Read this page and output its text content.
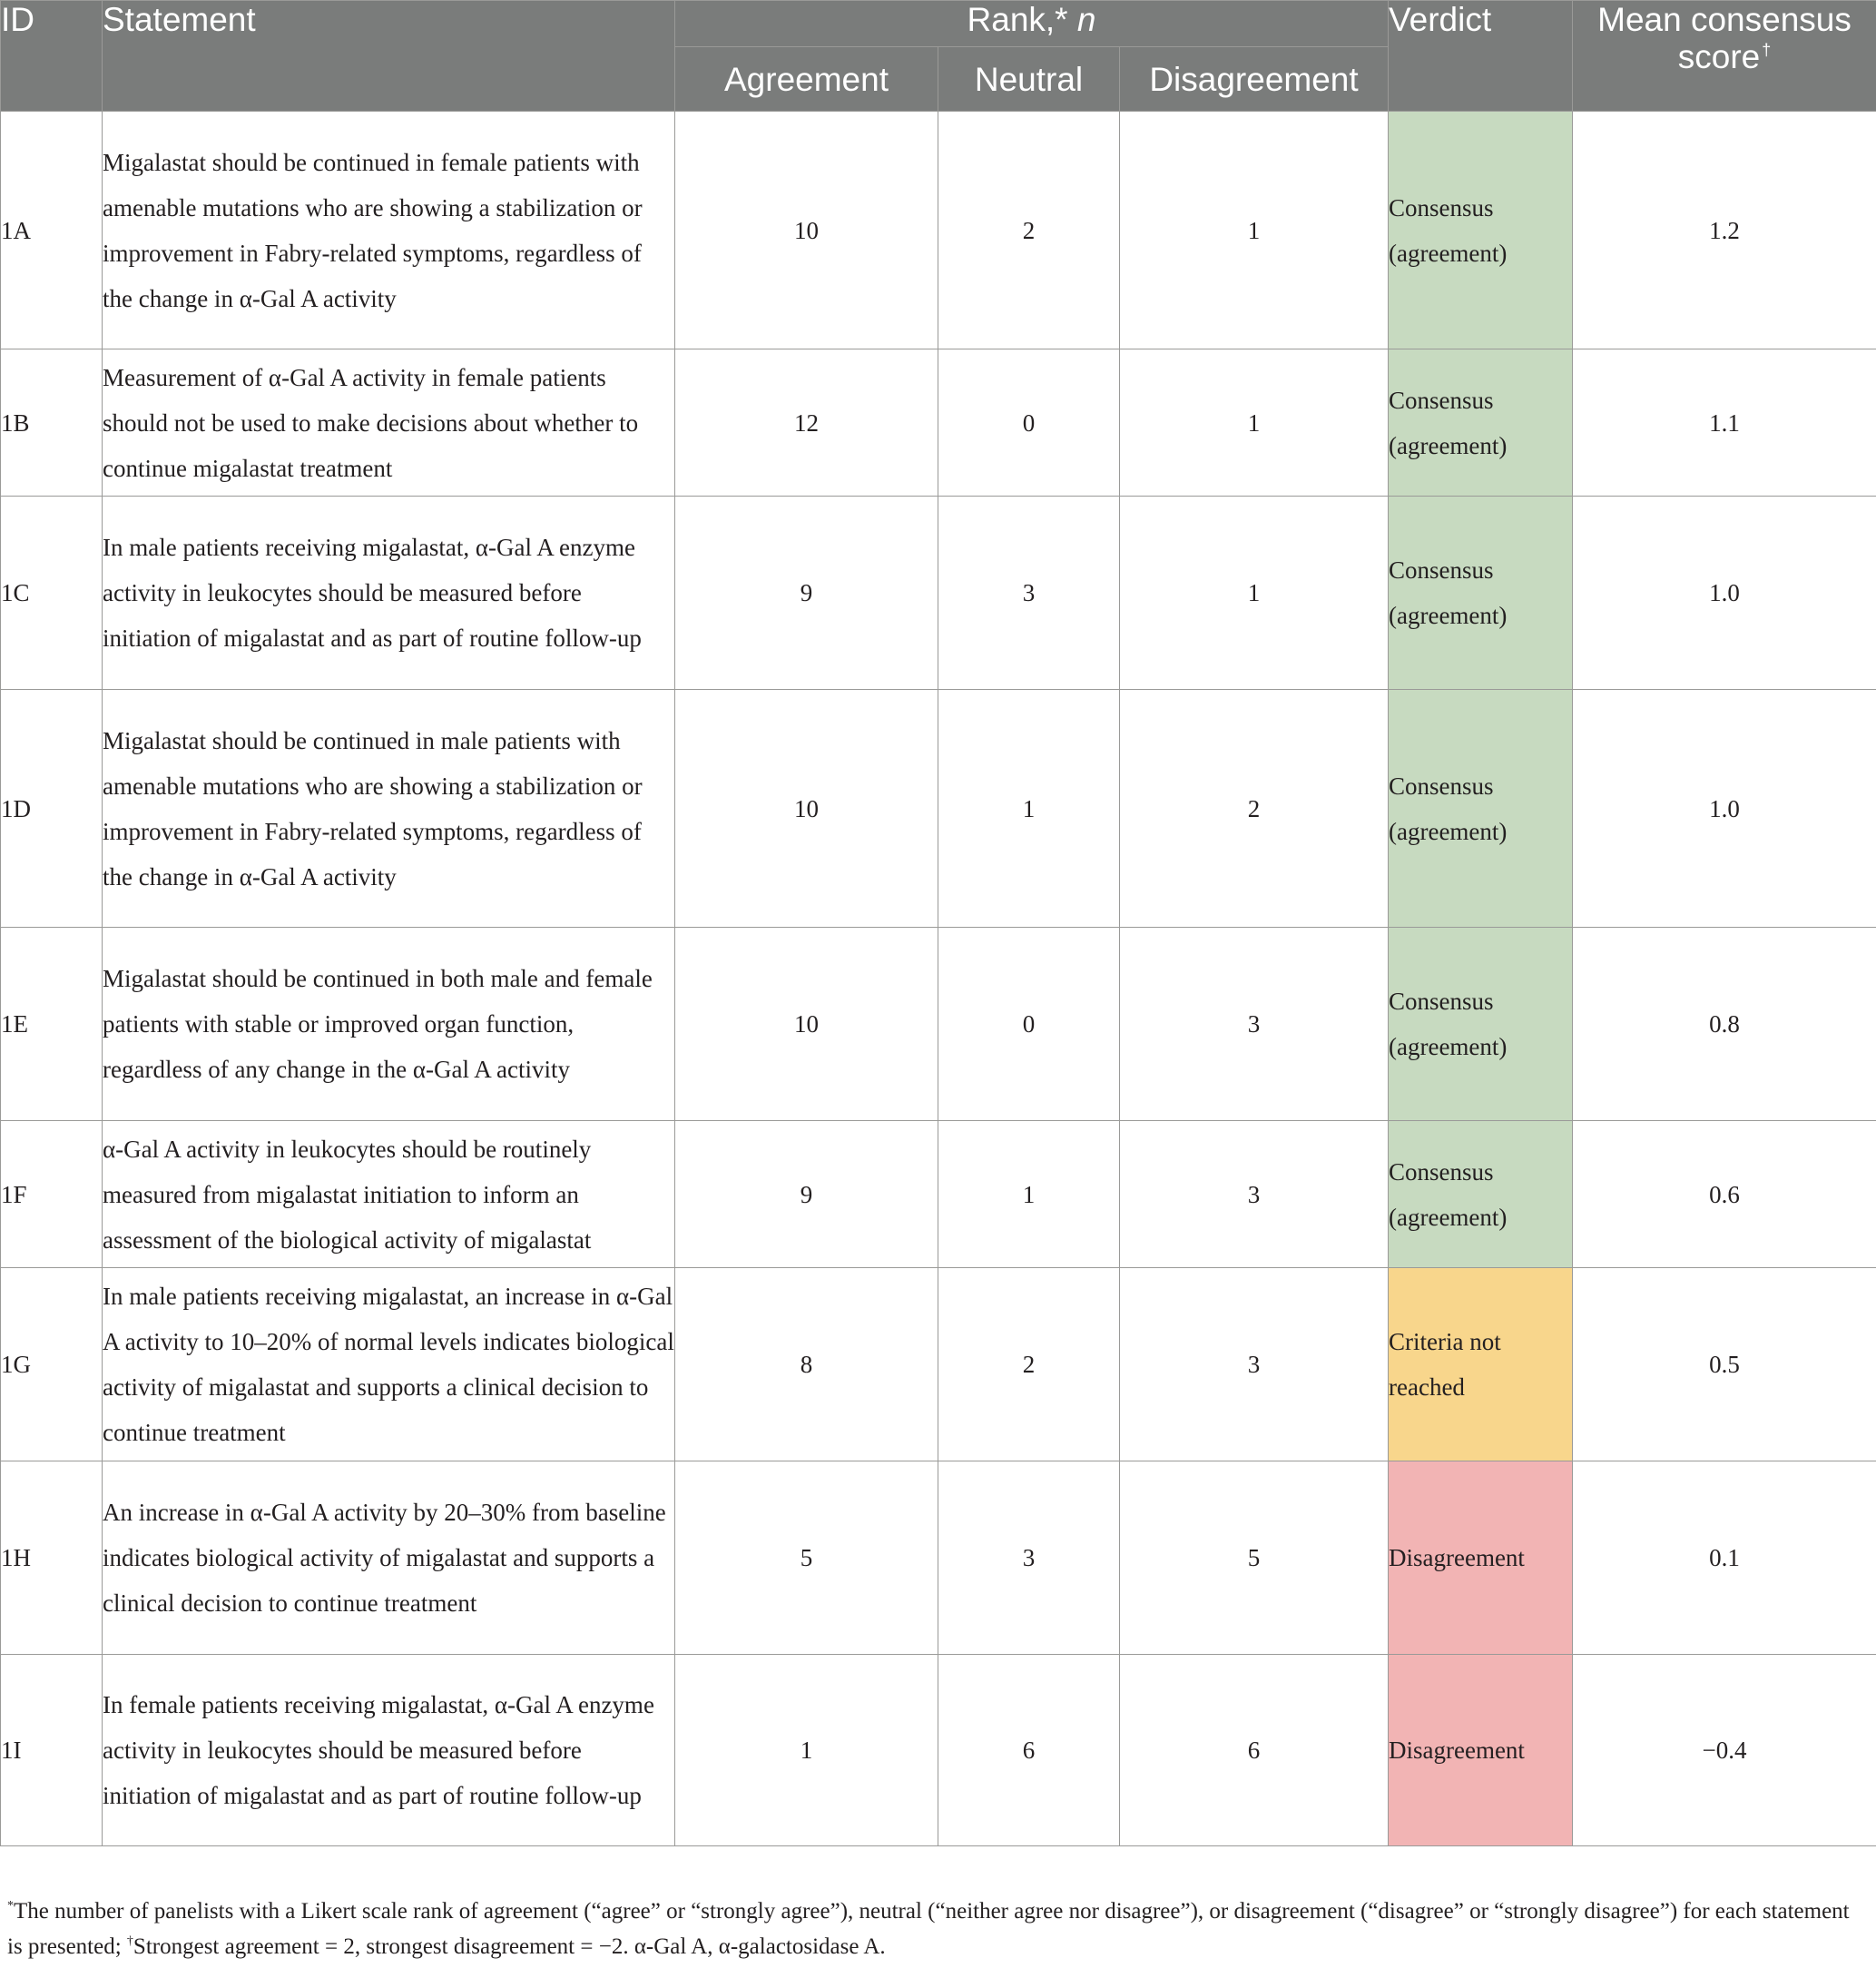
ID	Statement	Rank,* n			Verdict	Mean consensus score †
		Agreement	Neutral	Disagreement		
1A	Migalastat should be continued in female patients with amenable mutations who are showing a stabilization or improvement in Fabry-related symptoms, regardless of the change in α-Gal A activity	10	2	1	Consensus (agreement)	1.2
1B	Measurement of α-Gal A activity in female patients should not be used to make decisions about whether to continue migalastat treatment	12	0	1	Consensus (agreement)	1.1
1C	In male patients receiving migalastat, α-Gal A enzyme activity in leukocytes should be measured before initiation of migalastat and as part of routine follow-up	9	3	1	Consensus (agreement)	1.0
1D	Migalastat should be continued in male patients with amenable mutations who are showing a stabilization or improvement in Fabry-related symptoms, regardless of the change in α-Gal A activity	10	1	2	Consensus (agreement)	1.0
1E	Migalastat should be continued in both male and female patients with stable or improved organ function, regardless of any change in the α-Gal A activity	10	0	3	Consensus (agreement)	0.8
1F	α-Gal A activity in leukocytes should be routinely measured from migalastat initiation to inform an assessment of the biological activity of migalastat	9	1	3	Consensus (agreement)	0.6
1G	In male patients receiving migalastat, an increase in α-Gal A activity to 10–20% of normal levels indicates biological activity of migalastat and supports a clinical decision to continue treatment	8	2	3	Criteria not reached	0.5
1H	An increase in α-Gal A activity by 20–30% from baseline indicates biological activity of migalastat and supports a clinical decision to continue treatment	5	3	5	Disagreement	0.1
1I	In female patients receiving migalastat, α-Gal A enzyme activity in leukocytes should be measured before initiation of migalastat and as part of routine follow-up	1	6	6	Disagreement	−0.4
*The number of panelists with a Likert scale rank of agreement (“agree” or “strongly agree”), neutral (“neither agree nor disagree”), or disagreement (“disagree” or “strongly disagree”) for each statement is presented; †Strongest agreement = 2, strongest disagreement = −2. α-Gal A, α-galactosidase A.
